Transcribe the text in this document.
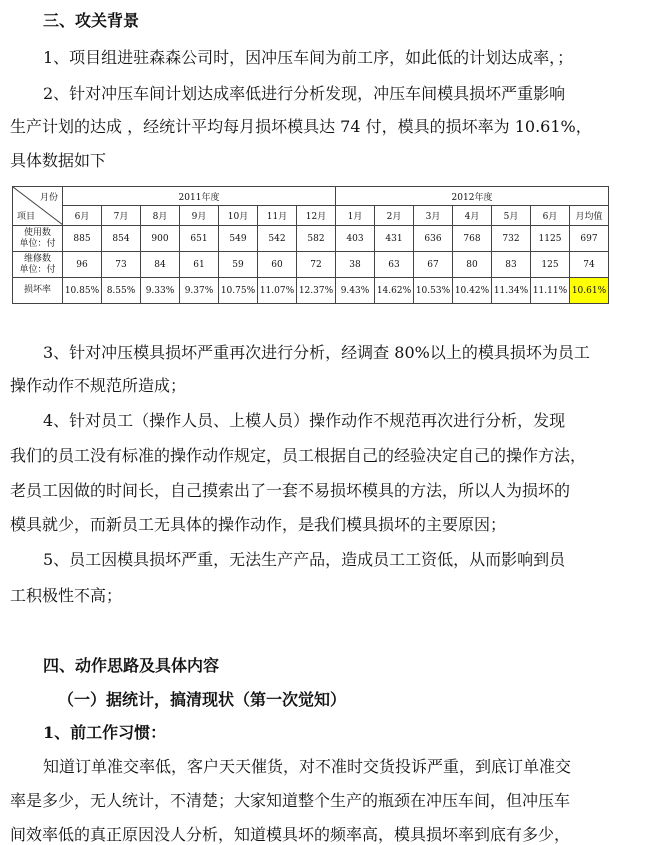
三、攻关背景
1、项目组进驻森森公司时，因冲压车间为前工序，如此低的计划达成率，；
2、针对冲压车间计划达成率低进行分析发现，冲压车间模具损坏严重影响
生产计划的达成 ，经统计平均每月损坏模具达 74 付，模具的损坏率为 10.61%，
具体数据如下
月份
项目	2011年度							2012年度						
	6月	7月	8月	9月	10月	11月	12月	1月	2月	3月	4月	5月	6月	月均值
使用数
单位：付	885	854	900	651	549	542	582	403	431	636	768	732	1125	697
维修数
单位：付	96	73	84	61	59	60	72	38	63	67	80	83	125	74
损坏率	10.85%	8.55%	9.33%	9.37%	10.75%	11.07%	12.37%	9.43%	14.62%	10.53%	10.42%	11.34%	11.11%	10.61%
3、针对冲压模具损坏严重再次进行分析，经调查 80%以上的模具损坏为员工
操作动作不规范所造成；
4、针对员工（操作人员、上模人员）操作动作不规范再次进行分析，发现
我们的员工没有标准的操作动作规定，员工根据自己的经验决定自己的操作方法，
老员工因做的时间长，自己摸索出了一套不易损坏模具的方法，所以人为损坏的
模具就少，而新员工无具体的操作动作，是我们模具损坏的主要原因；
5、员工因模具损坏严重，无法生产产品，造成员工工资低，从而影响到员
工积极性不高；
四、动作思路及具体内容
（一）据统计，搞清现状（第一次觉知）
1、前工作习惯：
知道订单准交率低，客户天天催货，对不准时交货投诉严重，到底订单准交
率是多少，无人统计，不清楚；大家知道整个生产的瓶颈在冲压车间，但冲压车
间效率低的真正原因没人分析，知道模具坏的频率高，模具损坏率到底有多少，
